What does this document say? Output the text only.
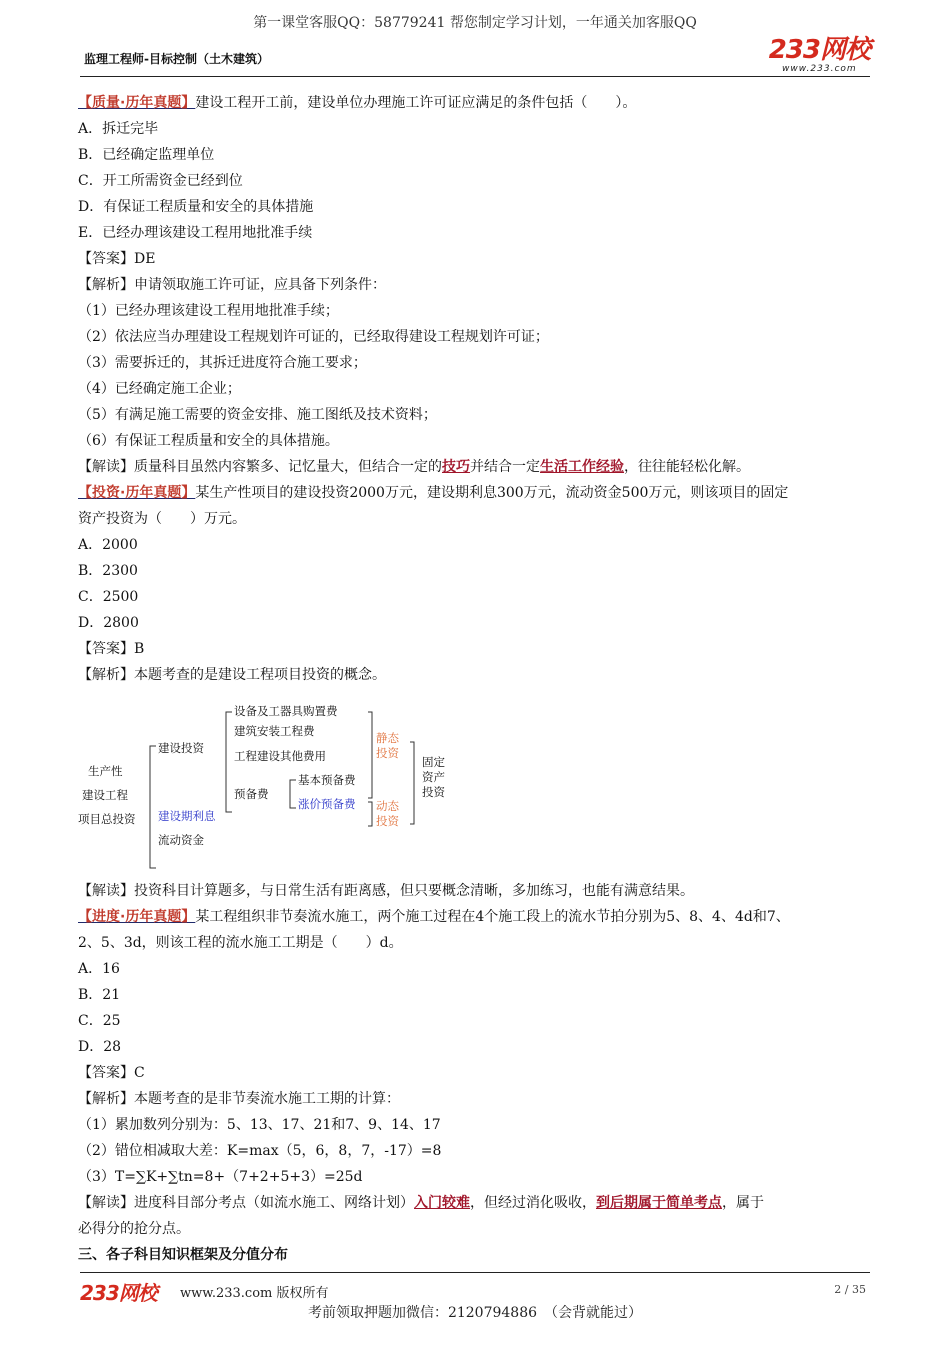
第一课堂客服QQ：58779241 帮您制定学习计划，一年通关加客服QQ
监理工程师-目标控制（土木建筑）	233网校
www.233.com
【质量·历年真题】建设工程开工前，建设单位办理施工许可证应满足的条件包括（　　）。
A．拆迁完毕
B．已经确定监理单位
C．开工所需资金已经到位
D．有保证工程质量和安全的具体措施
E．已经办理该建设工程用地批准手续
【答案】DE
【解析】申请领取施工许可证，应具备下列条件：
（1）已经办理该建设工程用地批准手续；
（2）依法应当办理建设工程规划许可证的，已经取得建设工程规划许可证；
（3）需要拆迁的，其拆迁进度符合施工要求；
（4）已经确定施工企业；
（5）有满足施工需要的资金安排、施工图纸及技术资料；
（6）有保证工程质量和安全的具体措施。
【解读】质量科目虽然内容繁多、记忆量大，但结合一定的技巧并结合一定生活工作经验，往往能轻松化解。
【投资·历年真题】某生产性项目的建设投资2000万元，建设期利息300万元，流动资金500万元，则该项目的固定
资产投资为（　　）万元。
A．2000
B．2300
C．2500
D．2800
【答案】B
【解析】本题考查的是建设工程项目投资的概念。
生产性
建设工程
项目总投资
建设投资
建设期利息
流动资金
设备及工器具购置费
建筑安装工程费
工程建设其他费用
预备费
基本预备费
涨价预备费
静态
投资
动态
投资
固定
资产
投资
【解读】投资科目计算题多，与日常生活有距离感，但只要概念清晰，多加练习，也能有满意结果。
【进度·历年真题】某工程组织非节奏流水施工，两个施工过程在4个施工段上的流水节拍分别为5、8、4、4d和7、
2、5、3d，则该工程的流水施工工期是（　　）d。
A．16
B．21
C．25
D．28
【答案】C
【解析】本题考查的是非节奏流水施工工期的计算：
（1）累加数列分别为：5、13、17、21和7、9、14、17
（2）错位相减取大差：K=max（5，6，8，7，-17）=8
（3）T=∑K+∑tn=8+（7+2+5+3）=25d
【解读】进度科目部分考点（如流水施工、网络计划）入门较难，但经过消化吸收，到后期属于简单考点，属于
必得分的抢分点。
三、各子科目知识框架及分值分布
233网校 www.233.com 版权所有	2 / 35
考前领取押题加微信：2120794886　（会背就能过）
